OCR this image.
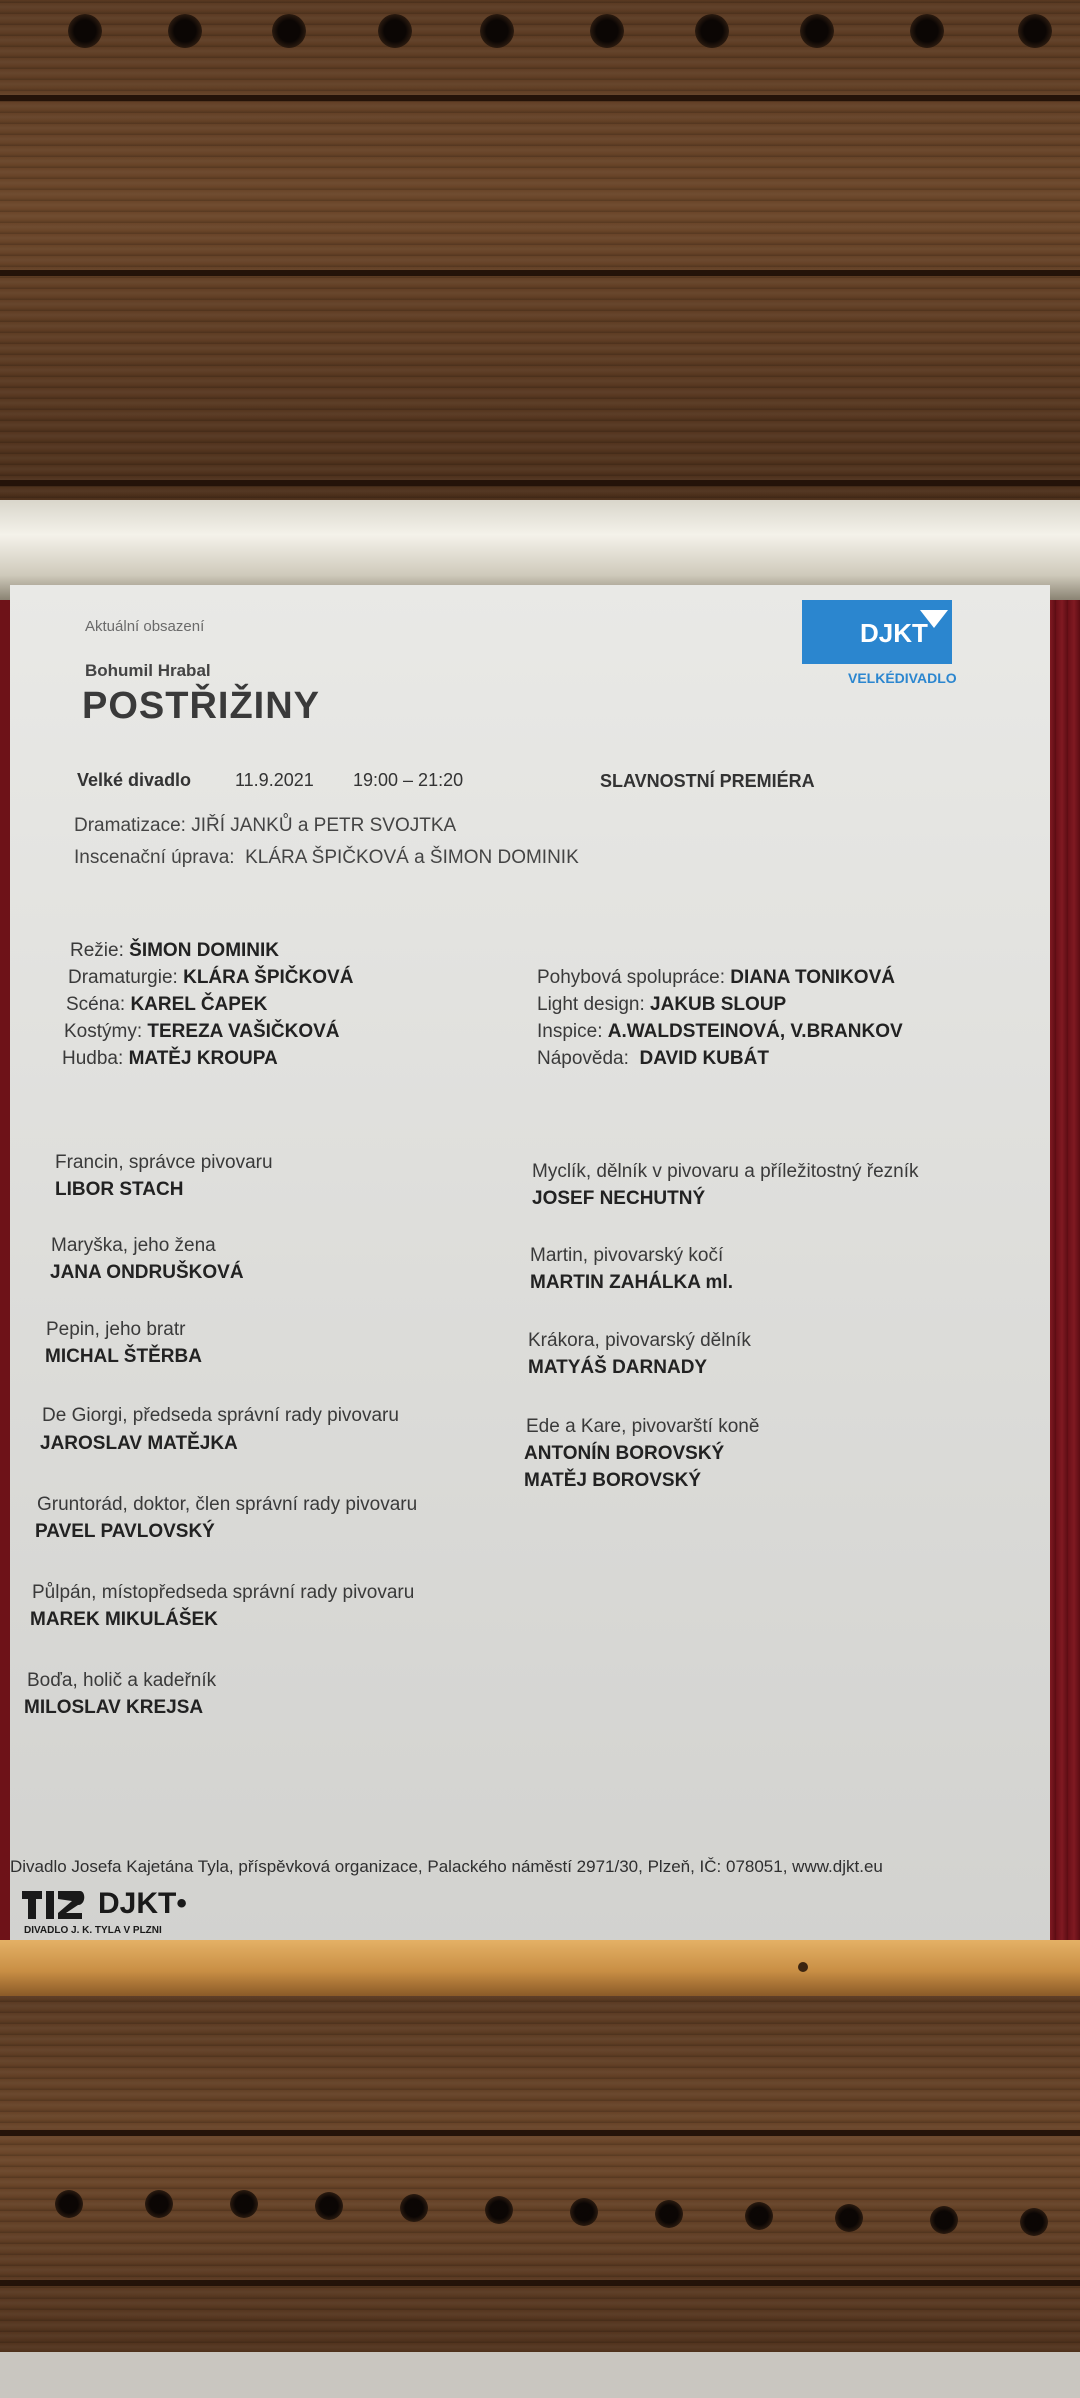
Aktuální obsazení	DJKT
VELKÉDIVADLO
Bohumil Hrabal
POSTŘIŽINY
Velké divadlo 11.9.2021 19:00 – 21:20	SLAVNOSTNÍ PREMIÉRA
Dramatizace: JIŘÍ JANKŮ a PETR SVOJTKA
Inscenační úprava: KLÁRA ŠPIČKOVÁ a ŠIMON DOMINIK
Režie: ŠIMON DOMINIK
Dramaturgie: KLÁRA ŠPIČKOVÁ
Scéna: KAREL ČAPEK
Kostýmy: TEREZA VAŠIČKOVÁ
Hudba: MATĚJ KROUPA
Pohybová spolupráce: DIANA TONIKOVÁ
Light design: JAKUB SLOUP
Inspice: A.WALDSTEINOVÁ, V.BRANKOV
Nápověda: DAVID KUBÁT
Francin, správce pivovaru
LIBOR STACH
Maryška, jeho žena
JANA ONDRUŠKOVÁ
Pepin, jeho bratr
MICHAL ŠTĚRBA
De Giorgi, předseda správní rady pivovaru
JAROSLAV MATĚJKA
Gruntorád, doktor, člen správní rady pivovaru
PAVEL PAVLOVSKÝ
Půlpán, místopředseda správní rady pivovaru
MAREK MIKULÁŠEK
Boďa, holič a kadeřník
MILOSLAV KREJSA
Myclík, dělník v pivovaru a příležitostný řezník
JOSEF NECHUTNÝ
Martin, pivovarský kočí
MARTIN ZAHÁLKA ml.
Krákora, pivovarský dělník
MATYÁŠ DARNADY
Ede a Kare, pivovarští koně
ANTONÍN BOROVSKÝ
MATĚJ BOROVSKÝ
Divadlo Josefa Kajetána Tyla, příspěvková organizace, Palackého náměstí 2971/30, Plzeň, IČ: 078051, www.djkt.eu
DJKT•
DIVADLO J. K. TYLA V PLZNI
